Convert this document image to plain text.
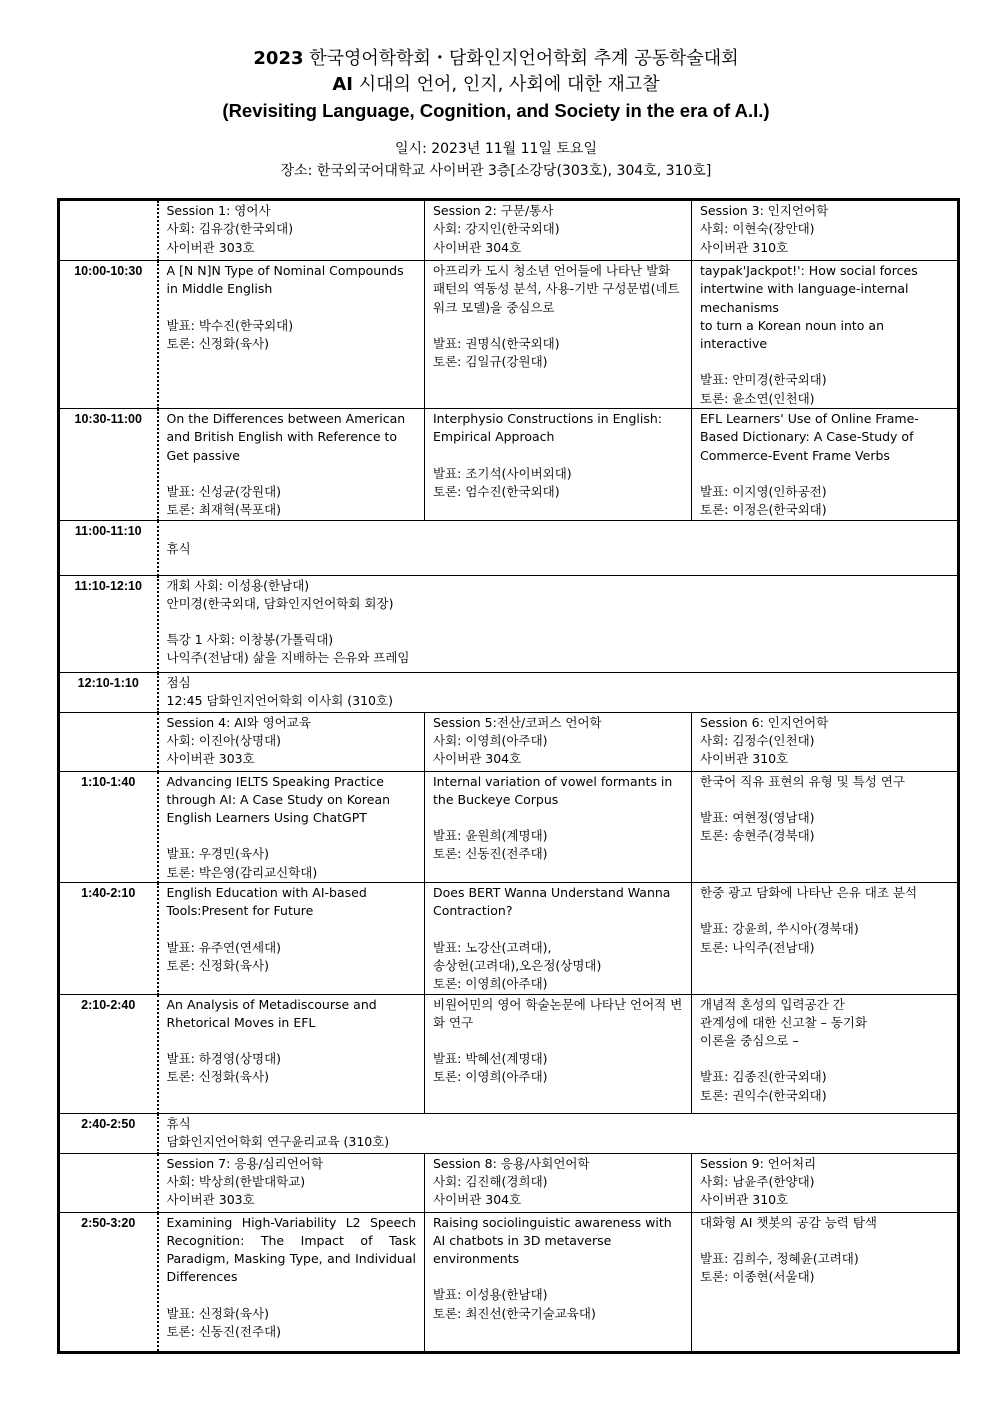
2023 한국영어학학회・담화인지언어학회 추계 공동학술대회
AI 시대의 언어, 인지, 사회에 대한 재고찰
(Revisiting Language, Cognition, and Society in the era of A.I.)
일시: 2023년 11월 11일 토요일
장소: 한국외국어대학교 사이버관 3층[소강당(303호), 304호, 310호]

	Session 1: 영어사
사회: 김유강(한국외대)
사이버관 303호	Session 2: 구문/통사
사회: 강지인(한국외대)
사이버관 304호	Session 3: 인지언어학
사회: 이현숙(장안대)
사이버관 310호

10:00-10:30	A [N N]N Type of Nominal Compounds in Middle English
발표: 박수진(한국외대)
토론: 신정화(육사)	아프리카 도시 청소년 언어들에 나타난 발화 패턴의 역동성 분석, 사용-기반 구성문법(네트워크 모델)을 중심으로
발표: 권명식(한국외대)
토론: 김일규(강원대)	taypak'Jackpot!': How social forces intertwine with language-internal mechanisms
to turn a Korean noun into an interactive
발표: 안미경(한국외대)
토론: 윤소연(인천대)

10:30-11:00	On the Differences between American and British English with Reference to Get passive
발표: 신성균(강원대)
토론: 최재혁(목포대)	Interphysio Constructions in English: Empirical Approach
발표: 조기석(사이버외대)
토론: 엄수진(한국외대)	EFL Learners' Use of Online Frame-Based Dictionary: A Case-Study of Commerce-Event Frame Verbs
발표: 이지영(인하공전)
토론: 이정은(한국외대)

11:00-11:10	휴식		

11:10-12:10	개회 사회: 이성용(한남대)
안미경(한국외대, 담화인지언어학회 회장)
특강 1 사회: 이창봉(가톨릭대)
나익주(전남대) 삶을 지배하는 은유와 프레임		

12:10-1:10	점심
12:45 담화인지언어학회 이사회 (310호)		

	Session 4: AI와 영어교육
사회: 이진아(상명대)
사이버관 303호	Session 5:전산/코퍼스 언어학
사회: 이영희(아주대)
사이버관 304호	Session 6: 인지언어학
사회: 김정수(인천대)
사이버관 310호

1:10-1:40	Advancing IELTS Speaking Practice through AI: A Case Study on Korean English Learners Using ChatGPT
발표: 우경민(육사)
토론: 박은영(감리교신학대)	Internal variation of vowel formants in the Buckeye Corpus
발표: 윤원희(계명대)
토론: 신동진(전주대)	한국어 직유 표현의 유형 및 특성 연구
발표: 여현정(영남대)
토론: 송현주(경북대)

1:40-2:10	English Education with AI-based Tools:Present for Future
발표: 유주연(연세대)
토론: 신정화(육사)	Does BERT Wanna Understand Wanna Contraction?
발표: 노강산(고려대),
송상헌(고려대),오은정(상명대)
토론: 이영희(아주대)	한중 광고 담화에 나타난 은유 대조 분석
발표: 강윤희, 쑤시아(경북대)
토론: 나익주(전남대)

2:10-2:40	An Analysis of Metadiscourse and Rhetorical Moves in EFL
발표: 하경영(상명대)
토론: 신정화(육사)	비원어민의 영어 학술논문에 나타난 언어적 변화 연구
발표: 박혜선(계명대)
토론: 이영희(아주대)	개념적 혼성의 입력공간 간
관계성에 대한 신고찰 – 동기화
이론을 중심으로 –
발표: 김종진(한국외대)
토론: 권익수(한국외대)

2:40-2:50	휴식
담화인지언어학회 연구윤리교육 (310호)		

	Session 7: 응용/심리언어학
사회: 박상희(한밭대학교)
사이버관 303호	Session 8: 응용/사회언어학
사회: 김진해(경희대)
사이버관 304호	Session 9: 언어처리
사회: 남윤주(한양대)
사이버관 310호

2:50-3:20	Examining High-Variability L2 Speech Recognition: The Impact of Task Paradigm, Masking Type, and Individual Differences
발표: 신정화(육사)
토론: 신동진(전주대)	Raising sociolinguistic awareness with AI chatbots in 3D metaverse environments
발표: 이성용(한남대)
토론: 최진선(한국기술교육대)	대화형 AI 챗봇의 공감 능력 탐색
발표: 김희수, 정혜윤(고려대)
토론: 이종현(서울대)
